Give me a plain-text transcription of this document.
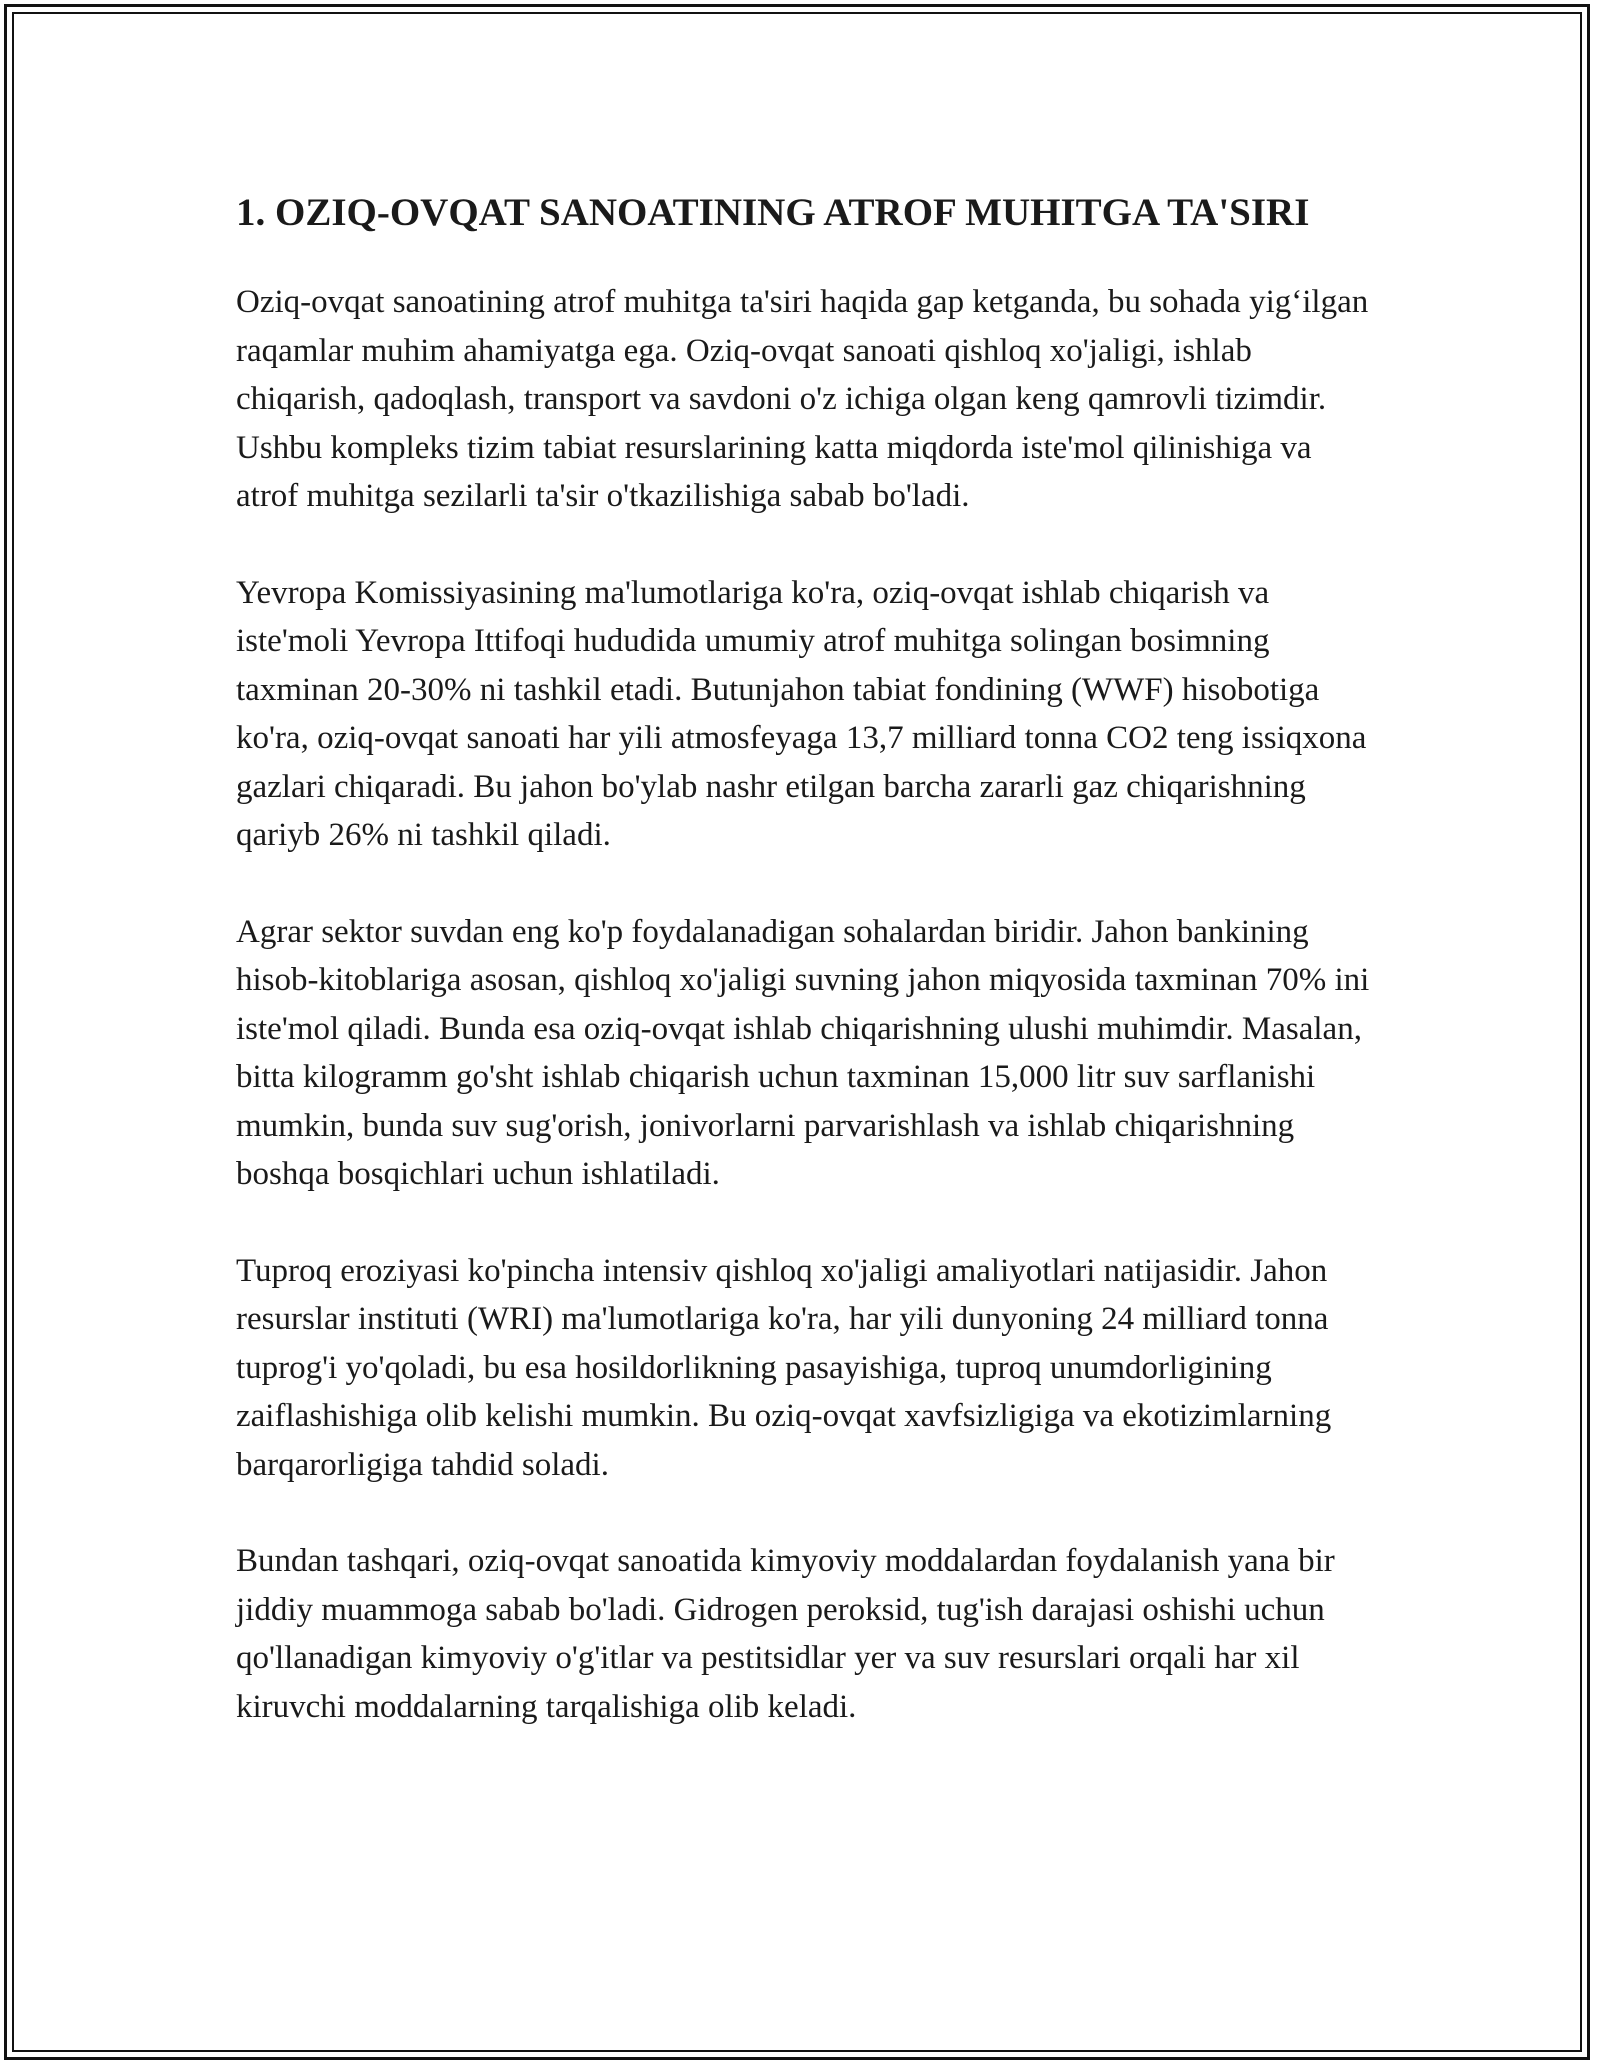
1. OZIQ-OVQAT SANOATINING ATROF MUHITGA TA'SIRI

Oziq-ovqat sanoatining atrof muhitga ta'siri haqida gap ketganda, bu sohada yig‘ilgan raqamlar muhim ahamiyatga ega. Oziq-ovqat sanoati qishloq xo'jaligi, ishlab chiqarish, qadoqlash, transport va savdoni o'z ichiga olgan keng qamrovli tizimdir. Ushbu kompleks tizim tabiat resurslarining katta miqdorda iste'mol qilinishiga va atrof muhitga sezilarli ta'sir o'tkazilishiga sabab bo'ladi.

Yevropa Komissiyasining ma'lumotlariga ko'ra, oziq-ovqat ishlab chiqarish va iste'moli Yevropa Ittifoqi hududida umumiy atrof muhitga solingan bosimning taxminan 20-30% ni tashkil etadi. Butunjahon tabiat fondining (WWF) hisobotiga ko'ra, oziq-ovqat sanoati har yili atmosfeyaga 13,7 milliard tonna CO2 teng issiqxona gazlari chiqaradi. Bu jahon bo'ylab nashr etilgan barcha zararli gaz chiqarishning qariyb 26% ni tashkil qiladi.

Agrar sektor suvdan eng ko'p foydalanadigan sohalardan biridir. Jahon bankining hisob-kitoblariga asosan, qishloq xo'jaligi suvning jahon miqyosida taxminan 70% ini iste'mol qiladi. Bunda esa oziq-ovqat ishlab chiqarishning ulushi muhimdir. Masalan, bitta kilogramm go'sht ishlab chiqarish uchun taxminan 15,000 litr suv sarflanishi mumkin, bunda suv sug'orish, jonivorlarni parvarishlash va ishlab chiqarishning boshqa bosqichlari uchun ishlatiladi.

Tuproq eroziyasi ko'pincha intensiv qishloq xo'jaligi amaliyotlari natijasidir. Jahon resurslar instituti (WRI) ma'lumotlariga ko'ra, har yili dunyoning 24 milliard tonna tuprog'i yo'qoladi, bu esa hosildorlikning pasayishiga, tuproq unumdorligining zaiflashishiga olib kelishi mumkin. Bu oziq-ovqat xavfsizligiga va ekotizimlarning barqarorligiga tahdid soladi.

Bundan tashqari, oziq-ovqat sanoatida kimyoviy moddalardan foydalanish yana bir jiddiy muammoga sabab bo'ladi. Gidrogen peroksid, tug'ish darajasi oshishi uchun qo'llanadigan kimyoviy o'g'itlar va pestitsidlar yer va suv resurslari orqali har xil kiruvchi moddalarning tarqalishiga olib keladi.
